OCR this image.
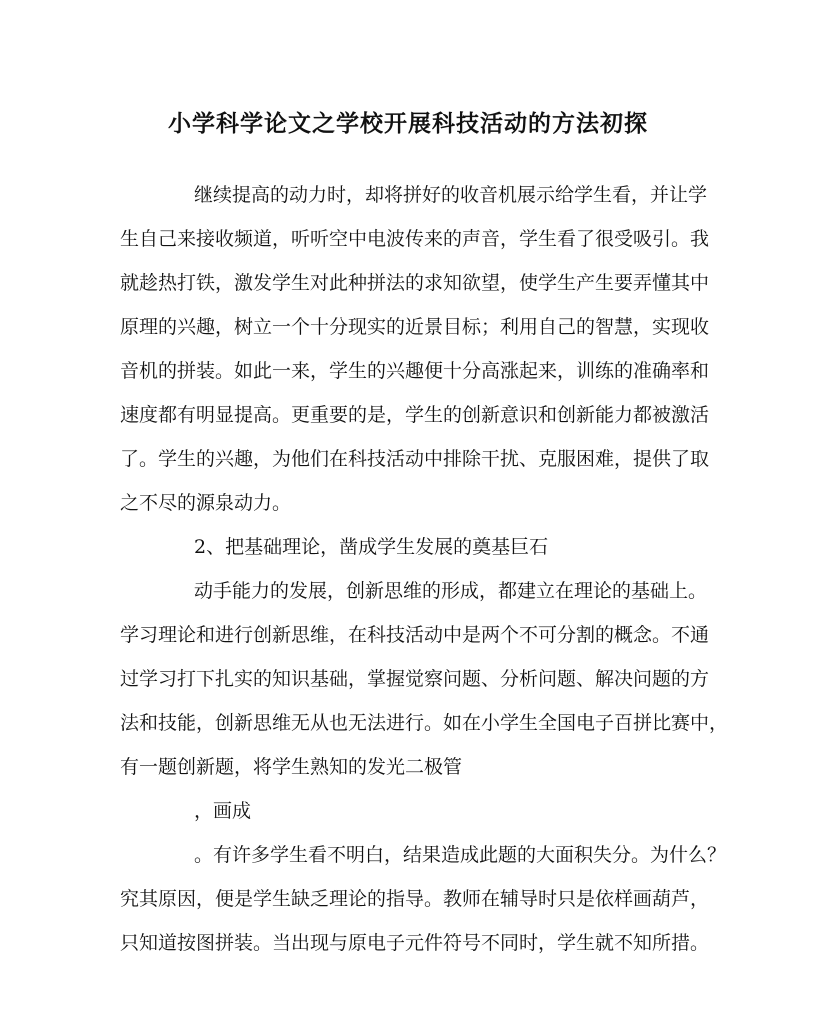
小学科学论文之学校开展科技活动的方法初探

继续提高的动力时，却将拼好的收音机展示给学生看，并让学

生自己来接收频道，听听空中电波传来的声音，学生看了很受吸引。我

就趁热打铁，激发学生对此种拼法的求知欲望，使学生产生要弄懂其中

原理的兴趣，树立一个十分现实的近景目标；利用自己的智慧，实现收

音机的拼装。如此一来，学生的兴趣便十分高涨起来，训练的准确率和

速度都有明显提高。更重要的是，学生的创新意识和创新能力都被激活

了。学生的兴趣，为他们在科技活动中排除干扰、克服困难，提供了取

之不尽的源泉动力。

2、把基础理论，凿成学生发展的奠基巨石

动手能力的发展，创新思维的形成，都建立在理论的基础上。

学习理论和进行创新思维，在科技活动中是两个不可分割的概念。不通

过学习打下扎实的知识基础，掌握觉察问题、分析问题、解决问题的方

法和技能，创新思维无从也无法进行。如在小学生全国电子百拼比赛中，

有一题创新题，将学生熟知的发光二极管

，画成

。有许多学生看不明白，结果造成此题的大面积失分。为什么？

究其原因，便是学生缺乏理论的指导。教师在辅导时只是依样画葫芦，

只知道按图拼装。当出现与原电子元件符号不同时，学生就不知所措。
